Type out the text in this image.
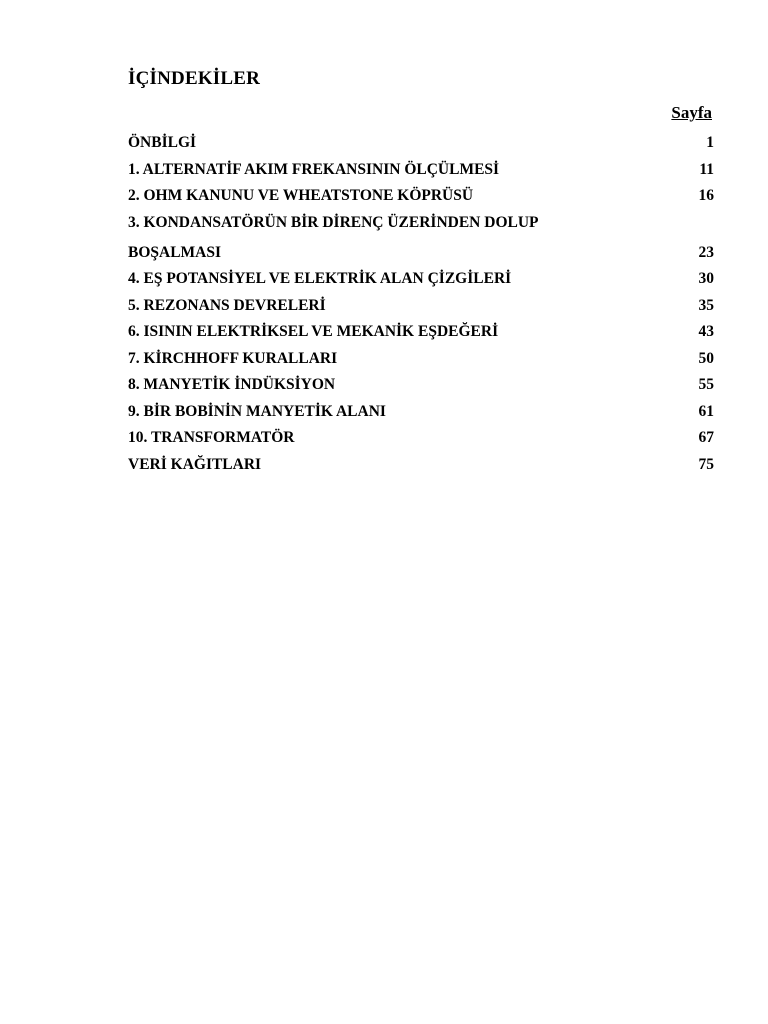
İÇİNDEKİLER
Sayfa
ÖNBİLGİ	1
1. ALTERNATİF AKIM FREKANSININ ÖLÇÜLMESİ	11
2. OHM KANUNU VE WHEATSTONE KÖPRÜSÜ	16
3. KONDANSATÖRÜN BİR DİRENÇ ÜZERİNDEN DOLUP
BOŞALMASI	23
4. EŞ POTANSİYEL VE ELEKTRİK ALAN ÇİZGİLERİ	30
5. REZONANS DEVRELERİ	35
6. ISININ ELEKTRİKSEL VE MEKANİK EŞDEĞERİ	43
7. KİRCHHOFF KURALLARI	50
8. MANYETİK İNDÜKSİYON	55
9. BİR BOBİNİN MANYETİK ALANI	61
10. TRANSFORMATÖR	67
VERİ KAĞITLARI	75
